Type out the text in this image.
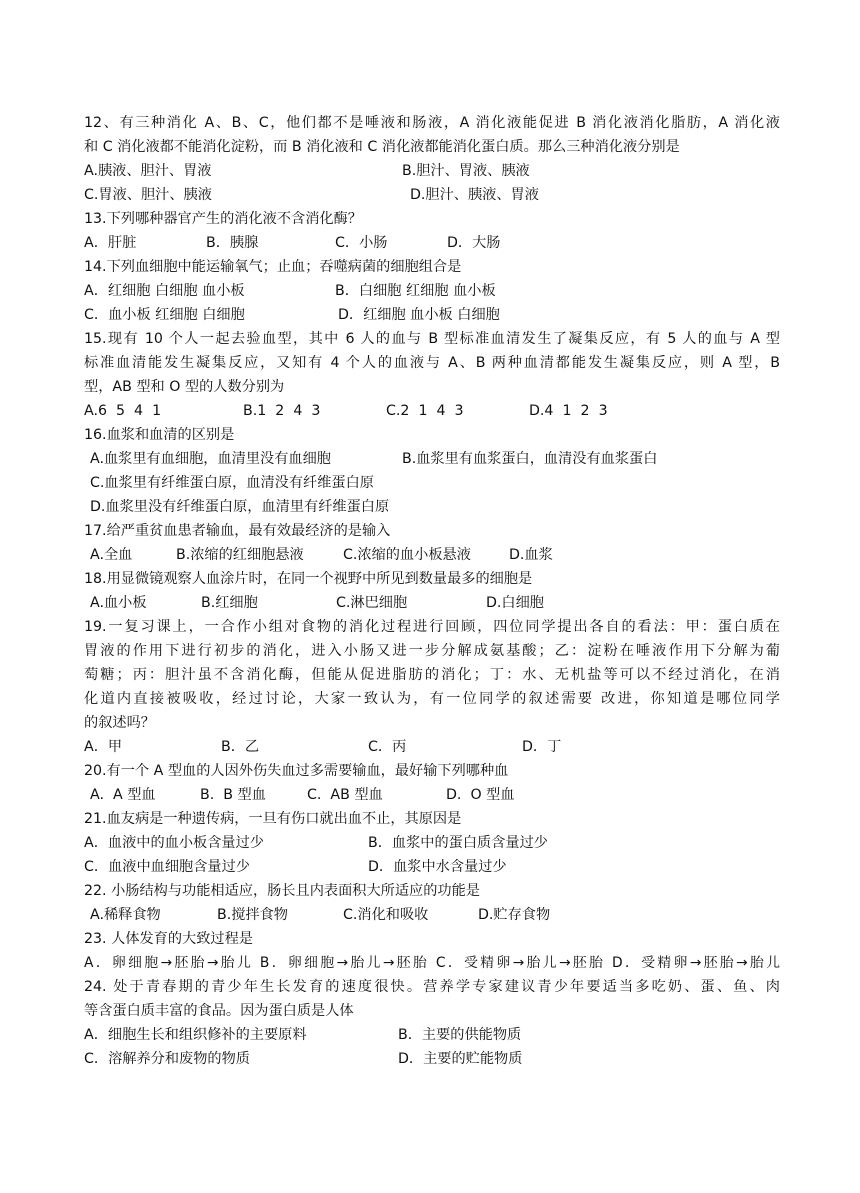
12、有三种消化 A、B、C，他们都不是唾液和肠液，A 消化液能促进 B 消化液消化脂肪，A 消化液
和 C 消化液都不能消化淀粉，而 B 消化液和 C 消化液都能消化蛋白质。那么三种消化液分别是
A.胰液、胆汁、胃液	B.胆汁、胃液、胰液
C.胃液、胆汁、胰液	D.胆汁、胰液、胃液
13.下列哪种器官产生的消化液不含消化酶？
A．肝脏	B．胰腺	C．小肠	D．大肠
14.下列血细胞中能运输氧气；止血；吞噬病菌的细胞组合是
A．红细胞 白细胞 血小板	B．白细胞 红细胞 血小板
C．血小板 红细胞 白细胞	D．红细胞 血小板 白细胞
15.现有 10 个人一起去验血型，其中 6 人的血与 B 型标准血清发生了凝集反应，有 5 人的血与 A 型
标准血清能发生凝集反应，又知有 4 个人的血液与 A、B 两种血清都能发生凝集反应，则 A 型，B
型，AB 型和 O 型的人数分别为
A.6  5  4  1	B.1  2  4  3	C.2  1  4  3	D.4  1  2  3
16.血浆和血清的区别是
A.血浆里有血细胞，血清里没有血细胞	B.血浆里有血浆蛋白，血清没有血浆蛋白
C.血浆里有纤维蛋白原，血清没有纤维蛋白原
D.血浆里没有纤维蛋白原，血清里有纤维蛋白原
17.给严重贫血患者输血，最有效最经济的是输入
A.全血	B.浓缩的红细胞悬液	C.浓缩的血小板悬液	D.血浆
18.用显微镜观察人血涂片时，在同一个视野中所见到数量最多的细胞是
A.血小板	B.红细胞	C.淋巴细胞	D.白细胞
19.一复习课上，一合作小组对食物的消化过程进行回顾，四位同学提出各自的看法：甲：蛋白质在
胃液的作用下进行初步的消化，进入小肠又进一步分解成氨基酸；乙：淀粉在唾液作用下分解为葡
萄糖；丙：胆汁虽不含消化酶，但能从促进脂肪的消化；丁：水、无机盐等可以不经过消化，在消
化道内直接被吸收，经过讨论，大家一致认为，有一位同学的叙述需要 改进，你知道是哪位同学
的叙述吗？
A．甲	B．乙	C．丙	D．丁
20.有一个 A 型血的人因外伤失血过多需要输血，最好输下列哪种血
A.  A 型血	B.  B 型血	C.  AB 型血	D.  O 型血
21.血友病是一种遗传病，一旦有伤口就出血不止，其原因是
A．血液中的血小板含量过少	B．血浆中的蛋白质含量过少
C．血液中血细胞含量过少	D．血浆中水含量过少
22. 小肠结构与功能相适应，肠长且内表面积大所适应的功能是
A.稀释食物	B.搅拌食物	C.消化和吸收	D.贮存食物
23. 人体发育的大致过程是
A．卵细胞→胚胎→胎儿 B．卵细胞→胎儿→胚胎 C．受精卵→胎儿→胚胎 D．受精卵→胚胎→胎儿
24. 处于青春期的青少年生长发育的速度很快。营养学专家建议青少年要适当多吃奶、蛋、鱼、肉
等含蛋白质丰富的食品。因为蛋白质是人体
A．细胞生长和组织修补的主要原料	B．主要的供能物质
C．溶解养分和废物的物质	D．主要的贮能物质
